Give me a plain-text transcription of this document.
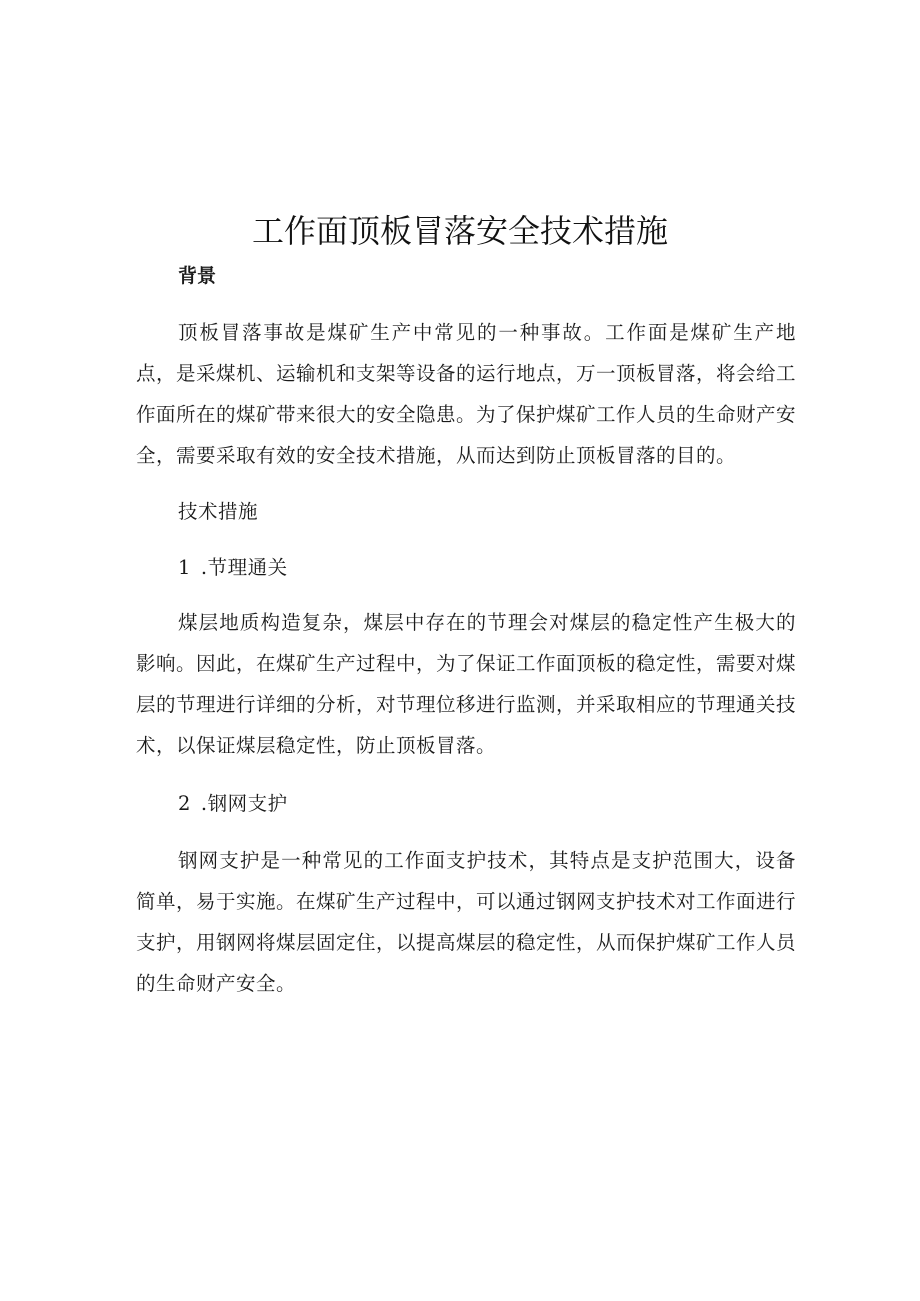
工作面顶板冒落安全技术措施
背景

顶板冒落事故是煤矿生产中常见的一种事故。工作面是煤矿生产地点，是采煤机、运输机和支架等设备的运行地点，万一顶板冒落，将会给工作面所在的煤矿带来很大的安全隐患。为了保护煤矿工作人员的生命财产安全，需要采取有效的安全技术措施，从而达到防止顶板冒落的目的。

技术措施
1 .节理通关

煤层地质构造复杂，煤层中存在的节理会对煤层的稳定性产生极大的影响。因此，在煤矿生产过程中，为了保证工作面顶板的稳定性，需要对煤层的节理进行详细的分析，对节理位移进行监测，并采取相应的节理通关技术，以保证煤层稳定性，防止顶板冒落。

2 .钢网支护

钢网支护是一种常见的工作面支护技术，其特点是支护范围大，设备简单，易于实施。在煤矿生产过程中，可以通过钢网支护技术对工作面进行支护，用钢网将煤层固定住，以提高煤层的稳定性，从而保护煤矿工作人员的生命财产安全。
